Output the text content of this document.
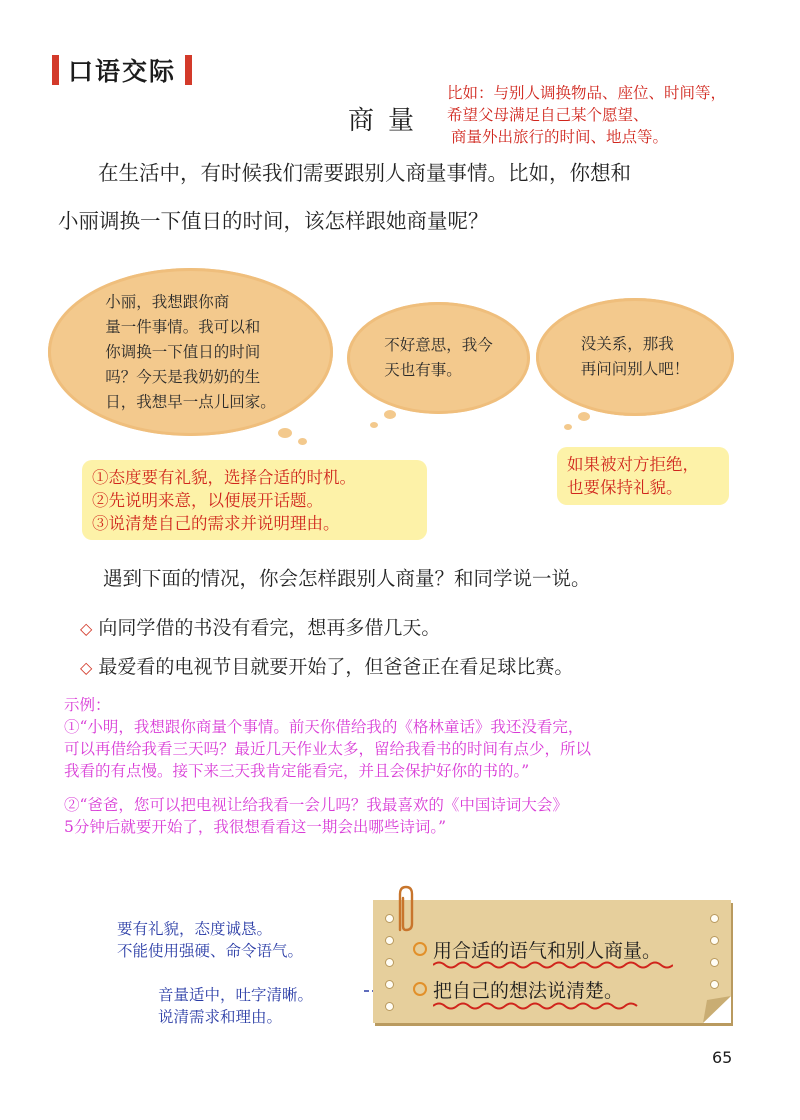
口语交际
商量
比如：与别人调换物品、座位、时间等，
希望父母满足自己某个愿望、
商量外出旅行的时间、地点等。
在生活中，有时候我们需要跟别人商量事情。比如，你想和
小丽调换一下值日的时间，该怎样跟她商量呢？
小丽，我想跟你商
量一件事情。我可以和
你调换一下值日的时间
吗？今天是我奶奶的生
日，我想早一点儿回家。
不好意思，我今
天也有事。
没关系，那我
再问问别人吧！
①态度要有礼貌，选择合适的时机。
②先说明来意，以便展开话题。
③说清楚自己的需求并说明理由。
如果被对方拒绝，
也要保持礼貌。
遇到下面的情况，你会怎样跟别人商量？和同学说一说。
◇ 向同学借的书没有看完，想再多借几天。
◇ 最爱看的电视节目就要开始了，但爸爸正在看足球比赛。
示例：
①“小明，我想跟你商量个事情。前天你借给我的《格林童话》我还没看完，
可以再借给我看三天吗？最近几天作业太多，留给我看书的时间有点少，所以
我看的有点慢。接下来三天我肯定能看完，并且会保护好你的书的。”
②“爸爸，您可以把电视让给我看一会儿吗？我最喜欢的《中国诗词大会》
5分钟后就要开始了，我很想看看这一期会出哪些诗词。”
要有礼貌，态度诚恳。
不能使用强硬、命令语气。
音量适中，吐字清晰。
说清需求和理由。
用合适的语气和别人商量。
把自己的想法说清楚。
65
